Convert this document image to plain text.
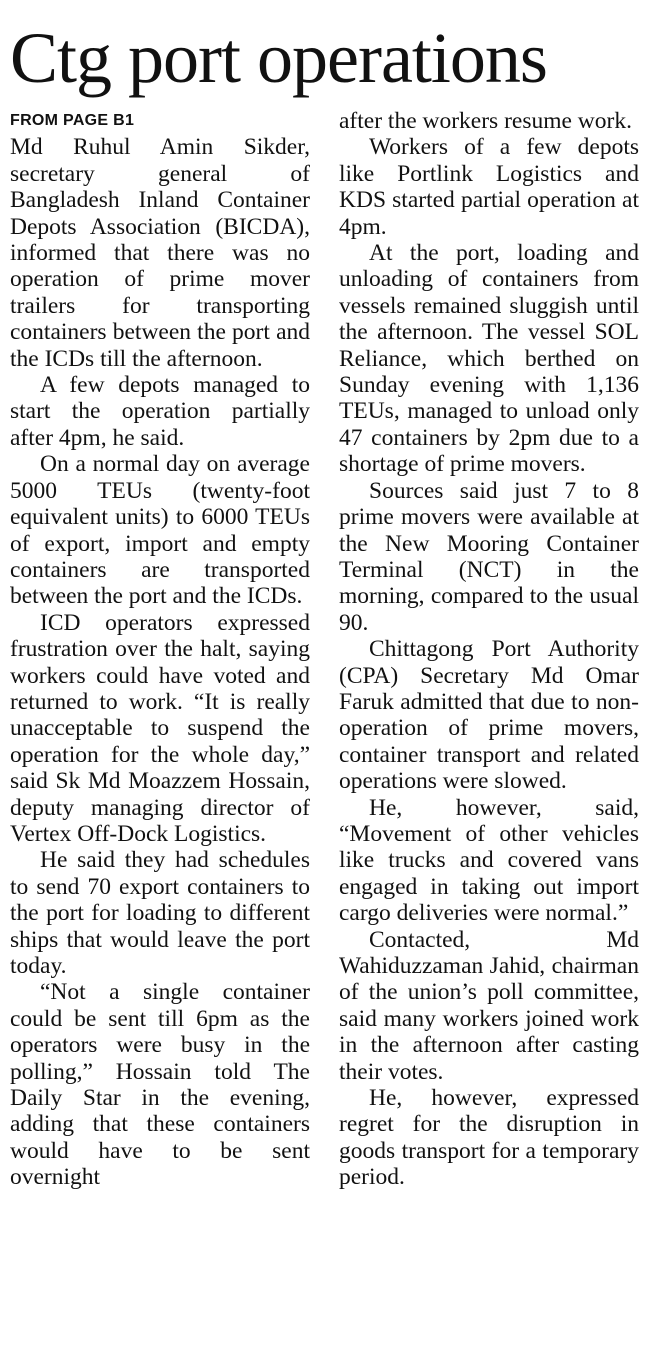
Ctg port operations
FROM PAGE B1

Md Ruhul Amin Sikder, secretary general of Bangladesh Inland Container Depots Association (BICDA), informed that there was no operation of prime mover trailers for transporting containers between the port and the ICDs till the afternoon.

A few depots managed to start the operation partially after 4pm, he said.

On a normal day on average 5000 TEUs (twenty-foot equivalent units) to 6000 TEUs of export, import and empty containers are transported between the port and the ICDs.

ICD operators expressed frustration over the halt, saying workers could have voted and returned to work. “It is really unacceptable to suspend the operation for the whole day,” said Sk Md Moazzem Hossain, deputy managing director of Vertex Off-Dock Logistics.

He said they had schedules to send 70 export containers to the port for loading to different ships that would leave the port today.

“Not a single container could be sent till 6pm as the operators were busy in the polling,” Hossain told The Daily Star in the evening, adding that these containers would have to be sent overnight

after the workers resume work.

Workers of a few depots like Portlink Logistics and KDS started partial operation at 4pm.

At the port, loading and unloading of containers from vessels remained sluggish until the afternoon. The vessel SOL Reliance, which berthed on Sunday evening with 1,136 TEUs, managed to unload only 47 containers by 2pm due to a shortage of prime movers.

Sources said just 7 to 8 prime movers were available at the New Mooring Container Terminal (NCT) in the morning, compared to the usual 90.

Chittagong Port Authority (CPA) Secretary Md Omar Faruk admitted that due to non-operation of prime movers, container transport and related operations were slowed.

He, however, said, “Movement of other vehicles like trucks and covered vans engaged in taking out import cargo deliveries were normal.”

Contacted, Md Wahiduzzaman Jahid, chairman of the union’s poll committee, said many workers joined work in the afternoon after casting their votes.

He, however, expressed regret for the disruption in goods transport for a temporary period.
